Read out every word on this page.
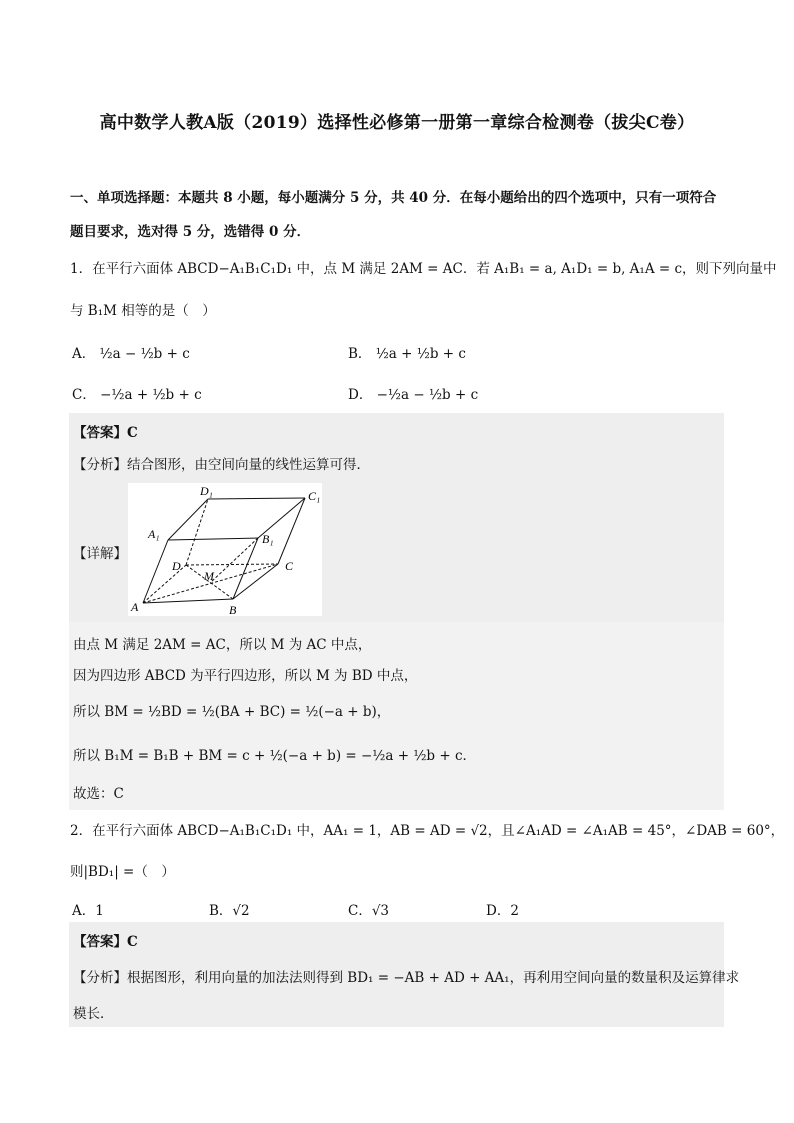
高中数学人教A版（2019）选择性必修第一册第一章综合检测卷（拔尖C卷）
一、单项选择题：本题共 8 小题，每小题满分 5 分，共 40 分．在每小题给出的四个选项中，只有一项符合
题目要求，选对得 5 分，选错得 0 分．
1．在平行六面体 ABCD−A₁B₁C₁D₁ 中，点 M 满足 2AM = AC．若 A₁B₁ = a, A₁D₁ = b, A₁A = c，则下列向量中
与 B₁M 相等的是（　）
A． ½a − ½b + c	B． ½a + ½b + c
C． −½a + ½b + c	D． −½a − ½b + c
【答案】C
【分析】结合图形，由空间向量的线性运算可得．
【详解】
D₁	C₁
A₁	B₁
D	C
M
A	B
由点 M 满足 2AM = AC，所以 M 为 AC 中点，
因为四边形 ABCD 为平行四边形，所以 M 为 BD 中点，
所以 BM = ½BD = ½(BA + BC) = ½(−a + b)，
所以 B₁M = B₁B + BM = c + ½(−a + b) = −½a + ½b + c．
故选：C
2．在平行六面体 ABCD−A₁B₁C₁D₁ 中，AA₁ = 1，AB = AD = √2，且∠A₁AD = ∠A₁AB = 45°，∠DAB = 60°，
则|BD₁| =（　）
A．1	B．√2	C．√3	D．2
【答案】C
【分析】根据图形，利用向量的加法法则得到 BD₁ = −AB + AD + AA₁，再利用空间向量的数量积及运算律求
模长．
